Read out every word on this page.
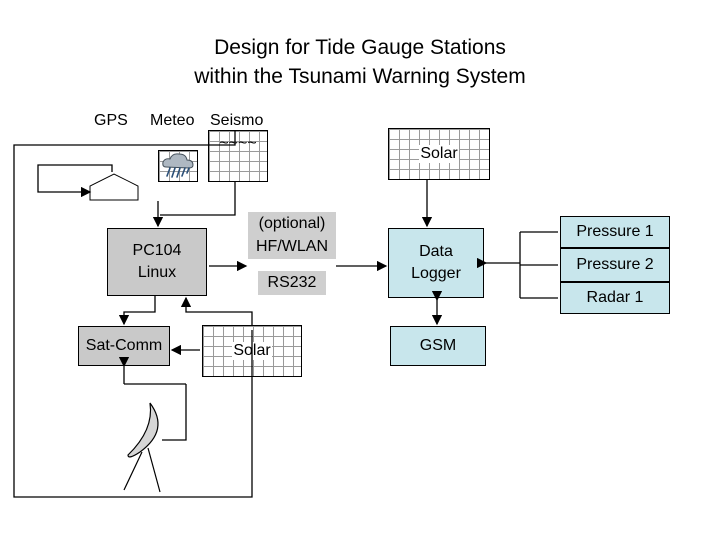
Design for Tide Gauge Stations
within the Tsunami Warning System
GPS Meteo Seismo
~~~~
PC104
Linux
Sat-Comm	Solar
Solar
Data
Logger
GSM
Pressure 1
Pressure 2
Radar 1
(optional)
HF/WLAN
RS232
